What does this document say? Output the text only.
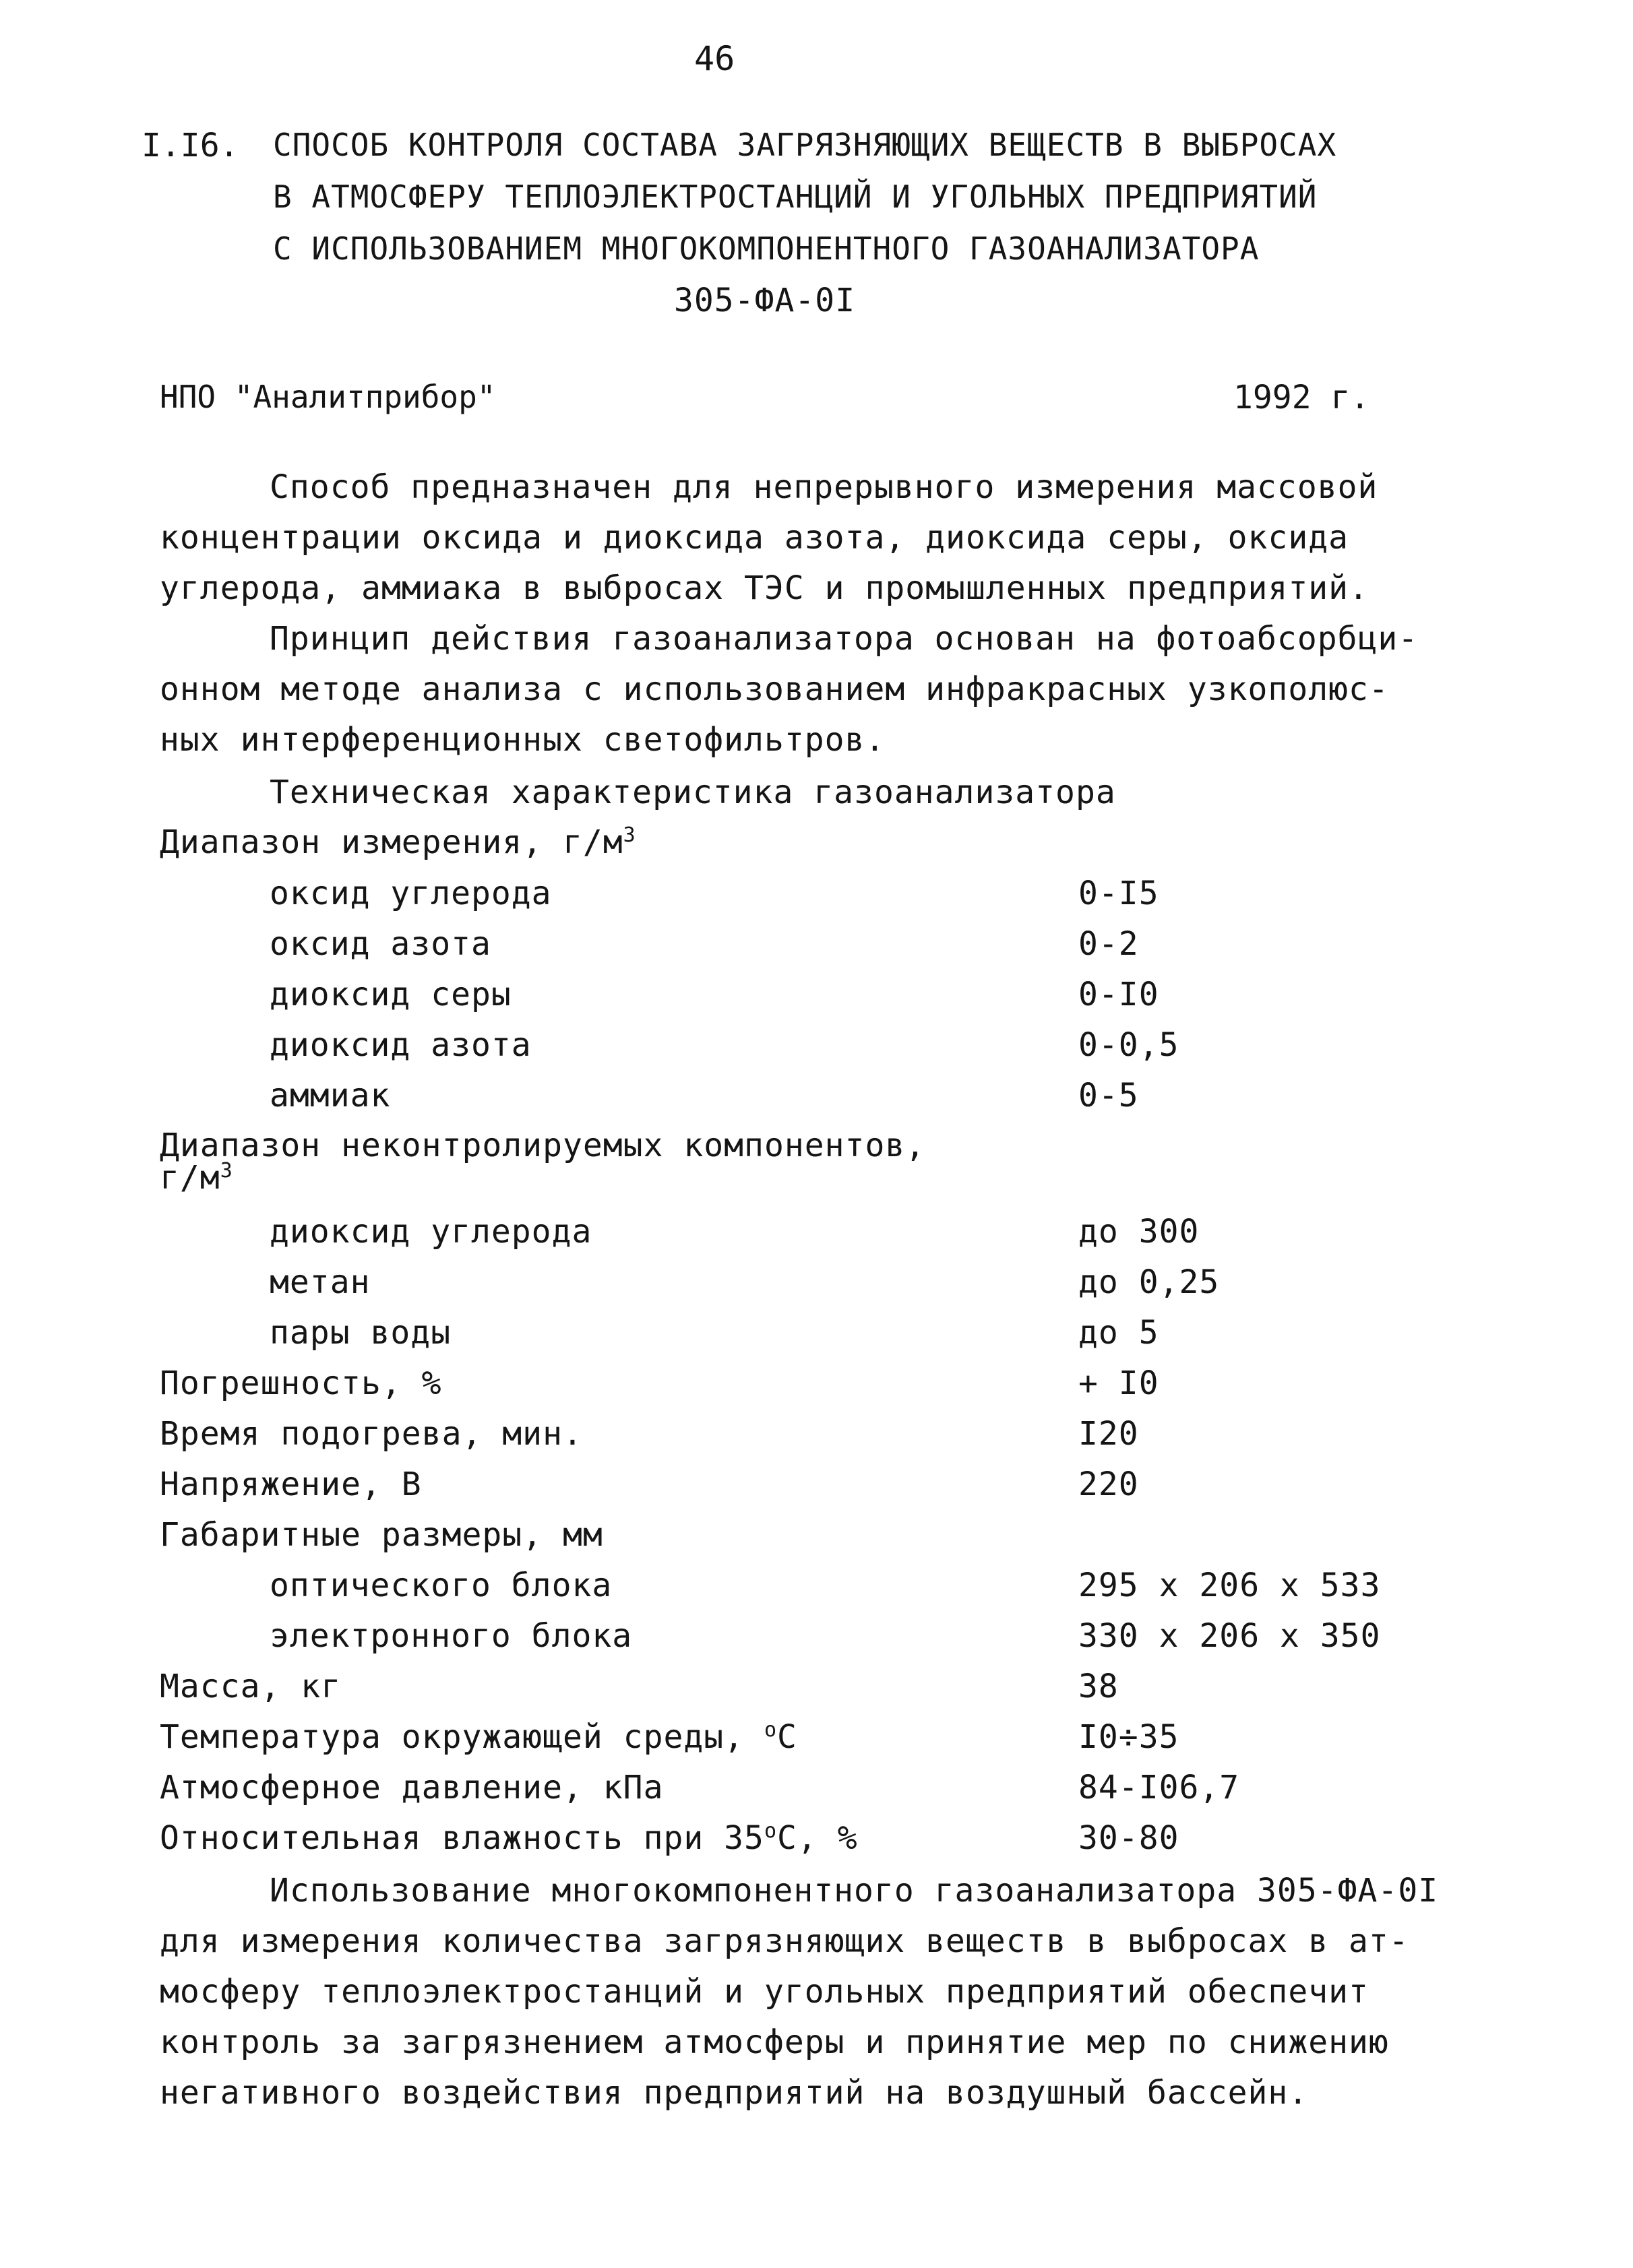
46
I.I6. СПОСОБ КОНТРОЛЯ СОСТАВА ЗАГРЯЗНЯЮЩИХ ВЕЩЕСТВ В ВЫБРОСАХ
В АТМОСФЕРУ ТЕПЛОЭЛЕКТРОСТАНЦИЙ И УГОЛЬНЫХ ПРЕДПРИЯТИЙ
С ИСПОЛЬЗОВАНИЕМ МНОГОКОМПОНЕНТНОГО ГАЗОАНАЛИЗАТОРА
305-ФА-0I
НПО "Аналитприбор"	1992 г.
Способ предназначен для непрерывного измерения массовой
концентрации оксида и диоксида азота, диоксида серы, оксида
углерода, аммиака в выбросах ТЭС и промышленных предприятий.
Принцип действия газоанализатора основан на фотоабсорбци-
онном методе анализа с использованием инфракрасных узкополюс-
ных интерференционных светофильтров.
Техническая характеристика газоанализатора
Диапазон измерения, $г/м^3$
оксид углерода	0-I5
оксид азота	0-2
диоксид серы	0-I0
диоксид азота	0-0,5
аммиак	0-5
Диапазон неконтролируемых компонентов,
$г/м^3$
диоксид углерода	до 300
метан	до 0,25
пары воды	до 5
Погрешность, %	+ I0
Время подогрева, мин.	I20
Напряжение, В	220
Габаритные размеры, мм
оптического блока	295 х 206 х 533
электронного блока	330 х 206 х 350
Масса, кг	38
Температура окружающей среды, $^о$С	I0÷35
Атмосферное давление, кПа	84-I06,7
Относительная влажность при $35^оС$, %	30-80
Использование многокомпонентного газоанализатора 305-ФА-0I
для измерения количества загрязняющих веществ в выбросах в ат-
мосферу теплоэлектростанций и угольных предприятий обеспечит
контроль за загрязнением атмосферы и принятие мер по снижению
негативного воздействия предприятий на воздушный бассейн.
